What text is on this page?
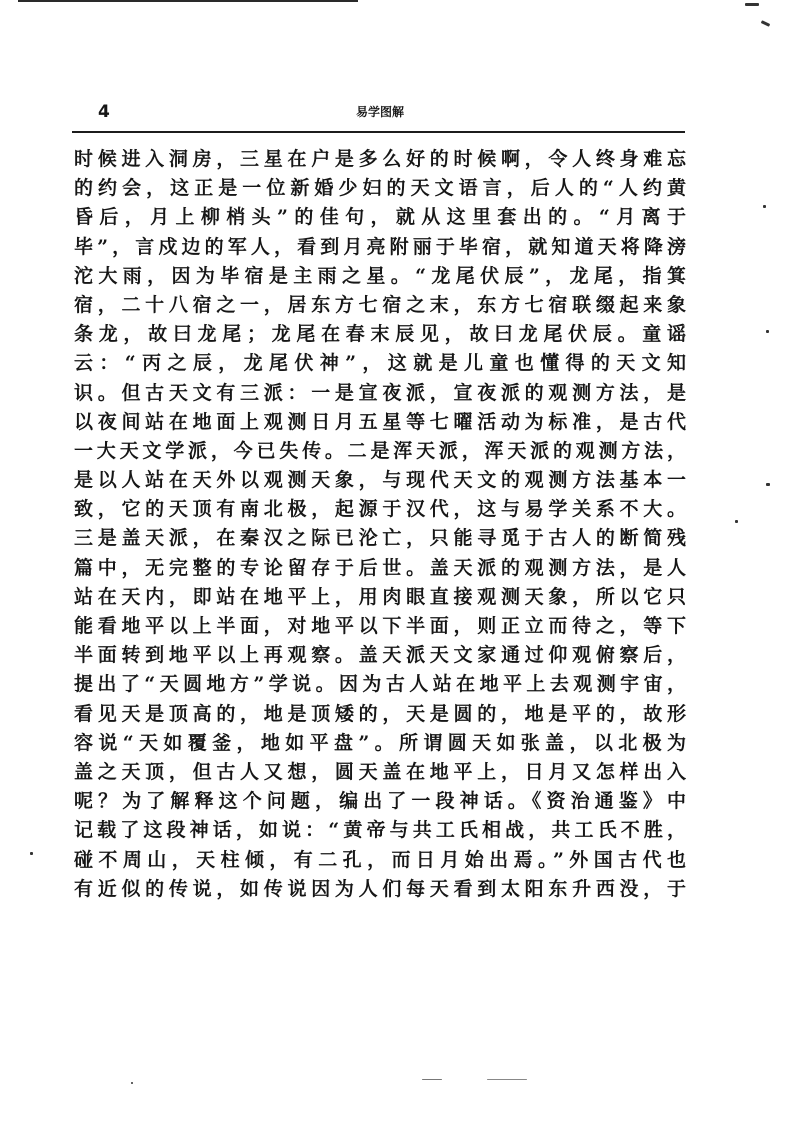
4	易学图解
时候进入洞房，三星在户是多么好的时候啊，令人终身难忘
的约会，这正是一位新婚少妇的天文语言，后人的“人约黄
昏后，月上柳梢头”的佳句，就从这里套出的。“月离于
毕”，言戍边的军人，看到月亮附丽于毕宿，就知道天将降滂
沱大雨，因为毕宿是主雨之星。“龙尾伏辰”，龙尾，指箕
宿，二十八宿之一，居东方七宿之末，东方七宿联缀起来象
条龙，故曰龙尾；龙尾在春末辰见，故曰龙尾伏辰。童谣
云：“丙之辰，龙尾伏神”，这就是儿童也懂得的天文知
识。但古天文有三派：一是宣夜派，宣夜派的观测方法，是
以夜间站在地面上观测日月五星等七曜活动为标准，是古代
一大天文学派，今已失传。二是浑天派，浑天派的观测方法，
是以人站在天外以观测天象，与现代天文的观测方法基本一
致，它的天顶有南北极，起源于汉代，这与易学关系不大。
三是盖天派，在秦汉之际已沦亡，只能寻觅于古人的断简残
篇中，无完整的专论留存于后世。盖天派的观测方法，是人
站在天内，即站在地平上，用肉眼直接观测天象，所以它只
能看地平以上半面，对地平以下半面，则正立而待之，等下
半面转到地平以上再观察。盖天派天文家通过仰观俯察后，
提出了“天圆地方”学说。因为古人站在地平上去观测宇宙，
看见天是顶高的，地是顶矮的，天是圆的，地是平的，故形
容说“天如覆釜，地如平盘”。所谓圆天如张盖，以北极为
盖之天顶，但古人又想，圆天盖在地平上，日月又怎样出入
呢？为了解释这个问题，编出了一段神话。《资治通鉴》中
记载了这段神话，如说：“黄帝与共工氏相战，共工氏不胜，
碰不周山，天柱倾，有二孔，而日月始出焉。”外国古代也
有近似的传说，如传说因为人们每天看到太阳东升西没，于
